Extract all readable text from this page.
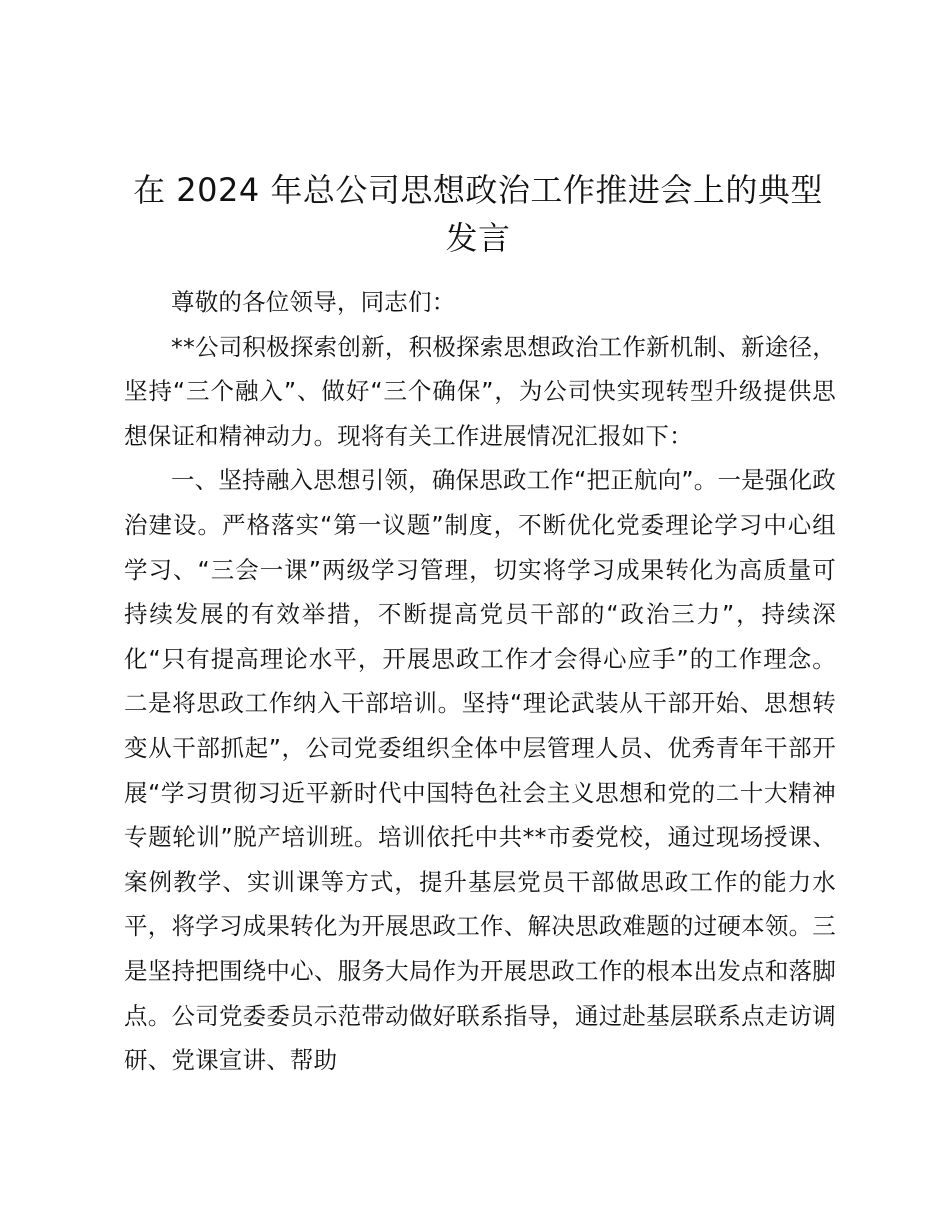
在 2024 年总公司思想政治工作推进会上的典型发言

尊敬的各位领导，同志们：

**公司积极探索创新，积极探索思想政治工作新机制、新途径，坚持“三个融入”、做好“三个确保”，为公司快实现转型升级提供思想保证和精神动力。现将有关工作进展情况汇报如下：

一、坚持融入思想引领，确保思政工作“把正航向”。一是强化政治建设。严格落实“第一议题”制度，不断优化党委理论学习中心组学习、“三会一课”两级学习管理，切实将学习成果转化为高质量可持续发展的有效举措，不断提高党员干部的“政治三力”，持续深化“只有提高理论水平，开展思政工作才会得心应手”的工作理念。二是将思政工作纳入干部培训。坚持“理论武装从干部开始、思想转变从干部抓起”，公司党委组织全体中层管理人员、优秀青年干部开展“学习贯彻习近平新时代中国特色社会主义思想和党的二十大精神专题轮训”脱产培训班。培训依托中共**市委党校，通过现场授课、案例教学、实训课等方式，提升基层党员干部做思政工作的能力水平，将学习成果转化为开展思政工作、解决思政难题的过硬本领。三是坚持把围绕中心、服务大局作为开展思政工作的根本出发点和落脚点。公司党委委员示范带动做好联系指导，通过赴基层联系点走访调研、党课宣讲、帮助
